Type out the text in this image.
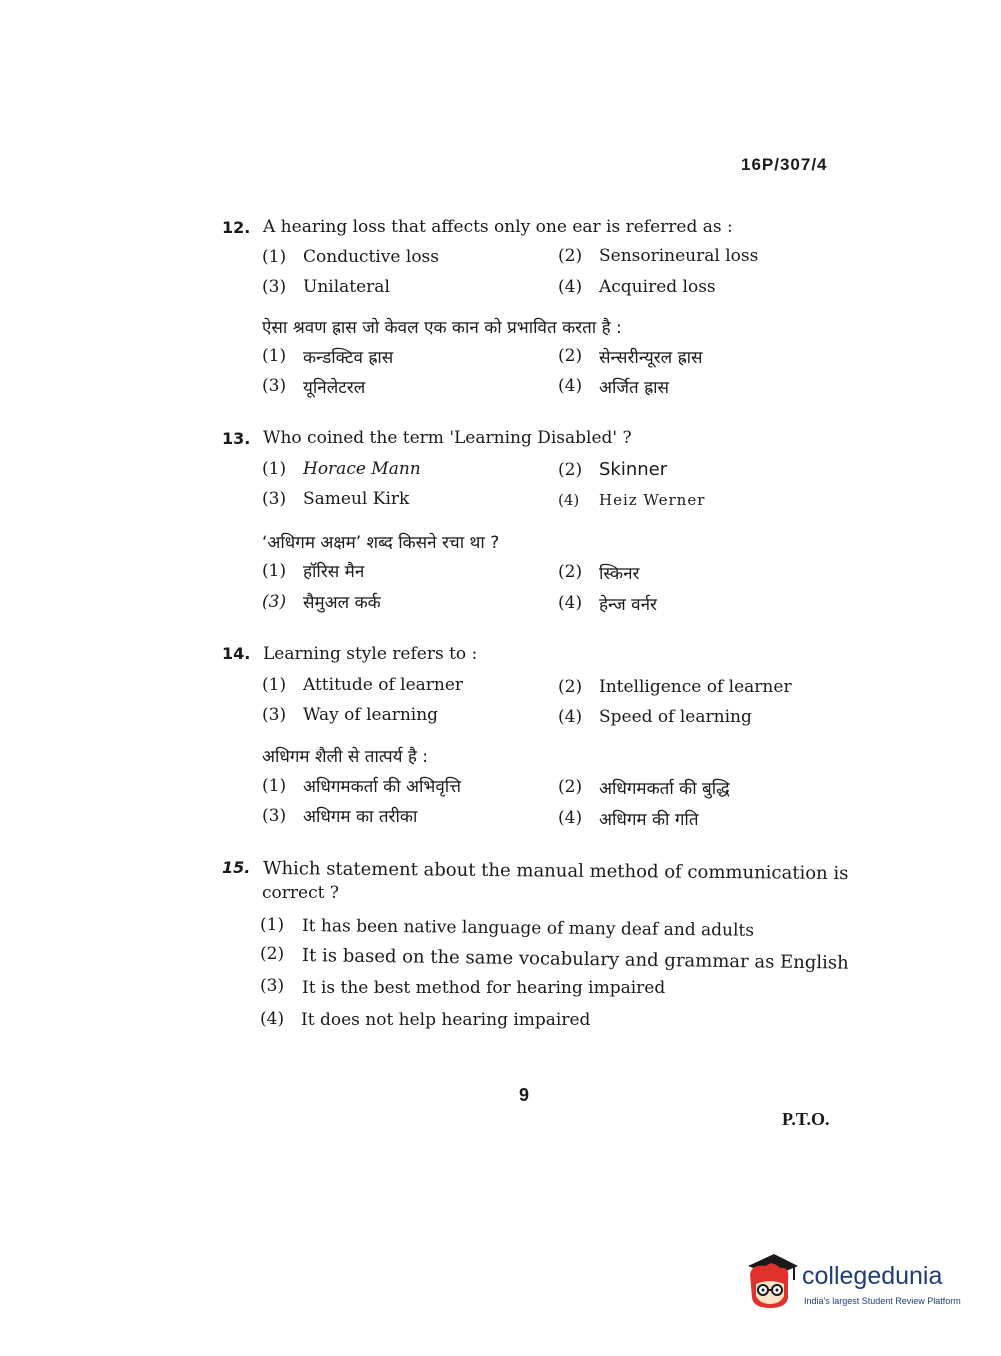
16P/307/4
12. A hearing loss that affects only one ear is referred as :
(1) Conductive loss	(2) Sensorineural loss
(3) Unilateral	(4) Acquired loss
ऐसा श्रवण ह्रास जो केवल एक कान को प्रभावित करता है :
(1) कन्डक्टिव ह्रास	(2) सेन्सरीन्यूरल ह्रास
(3) यूनिलेटरल	(4) अर्जित ह्रास
13. Who coined the term 'Learning Disabled' ?
(1) Horace Mann	(2) Skinner
(3) Sameul Kirk	(4) Heiz Werner
‘अधिगम अक्षम’ शब्द किसने रचा था ?
(1) हॉरिस मैन	(2) स्किनर
(3) सैमुअल कर्क	(4) हेन्ज वर्नर
14. Learning style refers to :
(1) Attitude of learner	(2) Intelligence of learner
(3) Way of learning	(4) Speed of learning
अधिगम शैली से तात्पर्य है :
(1) अधिगमकर्ता की अभिवृत्ति	(2) अधिगमकर्ता की बुद्धि
(3) अधिगम का तरीका	(4) अधिगम की गति
15. Which statement about the manual method of communication is
correct ?
(1) It has been native language of many deaf and adults
(2) It is based on the same vocabulary and grammar as English
(3) It is the best method for hearing impaired
(4) It does not help hearing impaired
9
P.T.O.
collegedunia
India's largest Student Review Platform
